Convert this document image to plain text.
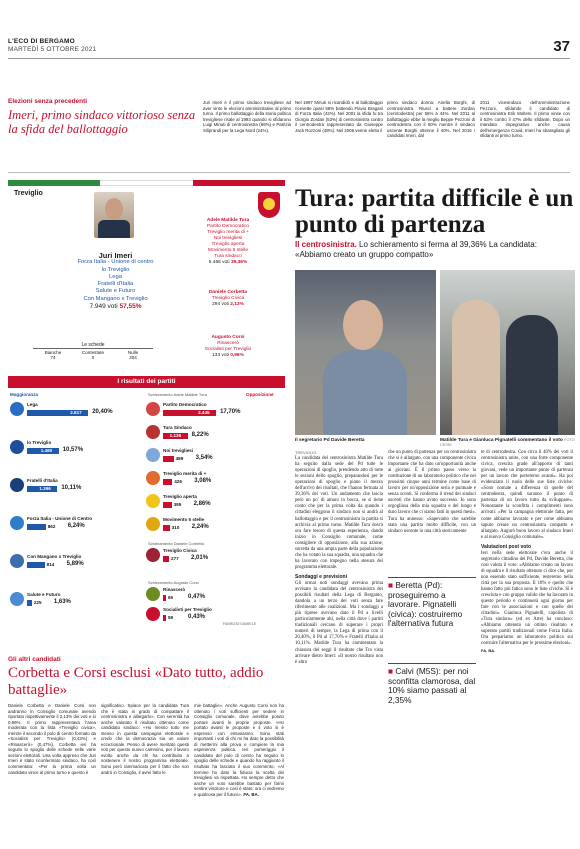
L'ECO DI BERGAMO
MARTEDÌ 5 OTTOBRE 2021	37
Elezioni senza precedenti
Imeri, primo sindaco vittorioso senza la sfida del ballottaggio
Juri Imeri è il primo sindaco trevigliese ad aver vinto le elezioni amministrative al primo turno. Il primo ballottaggio della storia politica trevigliese risale al 1993 quando si sfidarono Luigi Minuti di centrosinistra (66%) e Patrizia Siliprandi per la Lega Nord (24%).
Nel 1997 Minuti si ricandidò e al ballottaggio ricevette quasi 58% battendo Flavio Bragani di Forza Italia (42%). Nel 2001 la sfida fu tra Giorgio Zordan (53%) di centrosinistra contro il centrodestra rappresentato da Giuseppe Jack Rozzoni (48%). Nel 2006 venne eletto il
primo sindaco donna: Ariella Borghi, di centrosinistra. Riuscì a battere Zordan (centrodestra) per 56% a 44%. Nel 2011 al ballottaggio ebbe la meglio Beppe Pezzoni di centrodestra con il 60% mentre il sindaco uscente Borghi ottenne il 40%. Nel 2016 i candidati Imeri, dal
2011 vicesindaco dell'amministrazione Pezzoni, sfidando il candidato di centrosinistra Erik Molteni. Il primo vinse con il 53% contro il 47% dello sfidante. Dopo un mandato impegnativo anche causa dell'emergenza Covid, Imeri ha sbaragliato gli sfidanti al primo turno.
Treviglio
Juri Imeri
Forza Italia - Unione di centro
lo Treviglio
Lega
Fratelli d'Italia
Salute e Futuro
Con Mangano x Treviglio
7.949 voti 57,55%
Adele Matilde Tura
Partito Democratico
Treviglio merita di +
Noi trevigliesi
Treviglio aperta
Movimento 5 stelle
Tura sindaco
5.466 voti 39,36%
Daniele Corbetta
Treviglio Civica
294 voti 2,13%
Augusto Corsi
Rinascerò
Socialisti per Treviglio
133 voti 0,96%
Le schede
Bianche	Contestate	Nulle
74	0	304
I risultati dei partiti
Maggioranza	Opposizione
Schieramento Adele Matilde Tura
Schieramento Daniele Corbetta
Schieramento Augusto Corsi
FABRIZIO DAMIELE
Lega
2.817 20,40%
lo Treviglio
1.460 10,57%
Fratelli d'Italia
1.396 10,11%
Forza Italia - Unione di Centro
862 6,24%
Con Mangano x Treviglio
814 5,89%
Salute e Futuro
225 1,63%
Partito Democratico
2.445 17,70%
Tura Sindaco
1.136 8,22%
Noi trevigliesi
489 3,54%
Treviglio merita di +
426 3,08%
Treviglio aperta
395 2,86%
Movimento 5 stelle
310 2,24%
Treviglio Civica
277 2,01%
Rinascerò
65 0,47%
Socialisti per Treviglio
59 0,43%
Tura: partita difficile è un punto di partenza
Il centrosinistra. Lo schieramento si ferma al 39,36% La candidata: «Abbiamo creato un gruppo compatto»
Il segretario Pd Davide Beretta	Matilde Tura e Gianluca Pignatelli commentano il voto FOTO CESNI
TREVIGLIO
La candidata del centrosinistra Matilde Tura ha seguito dalla sede del Pd tutte le operazioni di spoglio, prendendo atto di tutte le sezioni dello spoglio, preparandosi per le operazioni di spoglio e piano il mezzo dell'arrivo dei risultati, che l'hanno fermata al 39,36% dei voti. Un andamento che lascia però un po' di amaro in bocca, se si tiene conto che per la prima volta da quando i cittadini eleggono il sindaco non si andrà al ballottaggio e per il centrosinistra la partita si archivia al primo turno. Matilde Tura dovrà ora fare tesoro di questa esperienza, dando inizio in Consiglio comunale, come consigliere di opposizione, alla sua azione, sorretta da una ampia parte della popolazione che ha votato la sua squadra, una squadra che ha lavorato con impegno nella stesura del programma elettorale.
Sondaggi e previsioni
Gli ormai noti sondaggi avevano prima avvisato la candidata del centrosinistra dei possibili risultati della Lega di Bergamo, dandola a un terzo dei voti senza fare riferimento alle coalizioni. Ma i sondaggi a più riprese avevano dato il Pd a livelli particolarmente alti, nella città dove i partiti tradizionali cercano di superare i propri numeri di sempre, la Lega di prima con il 20,40%, il Pd al 17,70% e Fratelli d'Italia al 10,11%. Matilde Tura ha commentato la chiusura dei seggi il risultato che Tra vista arrivare dietro Imeri: «Il nostro risultato non è altro
che un punto di partenza per un centrosinistra che si è allargato, con una componente civica importante che ha dato un'opportunità anche ai giovani. È il primo passo verso la costituzione di un laboratorio politico che nei prossimi cinque anni termine come base di lavoro per un'opposizione seria e puntuale e senza sconti. Si conferma il trend dei sindaci uscenti che hanno avuto successo. Io sono orgogliosa della mia squadra e del lungo e duro lavoro che ci siamo fatti in questi mesi». Tura ha annesso: «Sapevamo che sarebbe stata una partita molto difficile, con un sindaco uscente in una città storicamente
■ Beretta (Pd): proseguiremo a lavorare. Pignatelli (civica): costruiremo l'alternativa futura
■ Calvi (M5S): per noi sconfitta clamorosa, dal 10% siamo passati al 2,35%
te di centrodestra. Con circa il 40% dei voti il centrosinistra unito, con una forte componente civica, crescita grade all'apporto di tanti giovani, vede un importante punto di partenza per un lavoro che porteremo avanti». Ha poi evidenziato il ruolo delle sue liste civiche: «Sono nomate a differenza di quelle del centrodestra, quindi saranno il punto di partenza di un lavoro tutto da sviluppare». Nonostante la sconfitta i complimenti sono arrivati: «Per la campagna elettorale fatta, per come abbiamo lavorato e per come abbiamo saputo creare un centrosinistra compatto e allargato. Augurò buon lavoro al sindaco Imeri e al nuovo Consiglio comunale».
Valutazioni post voto
Ieri nella sede elettorale c'era anche il segretario cittadino del Pd, Davide Beretta, che così valuta il voto: «Abbiamo creato un lavoro di squadra e il risultato ottenuto ci dice che, pur non essendo stato sufficiente, resteremo nella città per la sua proposta. Il 18% e quello che hanno fatto più fatica sono le liste civiche. Sì è cresciuta e con gruppo valido che ha lavorato in questo periodo e continuerà ogni giorno per fare con le associazioni e con quelle dei cittadini». Gianluca Pignatelli, capolista di «Tura sindaco» (ed ex Arte) ha concluso: «Abbiamo ottenuto un ottimo risultato e superato partiti tradizionali come Forza Italia. Ora prepariamo un laboratorio politico sui costruire l'alternativa per le prossime elezioni».
FA. BA.
Gli altri candidati
Corbetta e Corsi esclusi «Dato tutto, addio battaglie»
Daniele Corbetta e Daniele Corsi non andranno in Consiglio comunale avendo riportato rispettivamente il 2,13% dei voti e lo 0,96%. Il primo rappresentava l'area moderata con la lista «Treviglio civica», mentre il secondo il polo di centro formato da «Socialisti per Treviglio» (0,43%) e «Rinascerò» (0,47%). Corbetta ieri ha seguito lo spoglio delle schede nelle varie sezioni elettorali. Una volta appreso che Juri Imeri è stato riconfermato sindaco, ha così commentato: «Per la prima volta un candidato vince al primo turno e questo è
significativo. Spiace per la candidata Tura che è stata in grado di compattare il centrosinistra e allargarlo». Con serenità ha anche valutato il risultato ottenuto come candidato sindaco: «Ho messo tutto me stesso in questa campagna elettorale e credo che la democrazia sia un valore eccezionale. Penso di avere meritato questi voti per questo nuovo cammino, per il lavoro svolto anche da chi ha contribuito a sostenere il nostro programma elettorale. Sono però rammaricato per il fatto che non andrò in Consiglio, il avrei fatto le
mie battaglie». Anche Augusto Corsi non ha ottenuto i voti sufficienti per sedere in Consiglio comunale, dove avrebbe potuto portare avanti le proprie proposte. «Ho portato avanti le proposte e il voto si è espresso con entusiasmo. Sono stati importanti i voti di chi mi ha dato la possibilità di mettermi alla prova e compiere la mia esperienza politica. Ieri pomeriggio il candidato del polo di centro ha seguito lo spoglio delle schede e quando ha raggiunto il risultato ha lasciato il suo commento: «Al termine ho dato la fiducia la scelta dei trevigliesi va rispettata. Ho sempre detto che anche un voto sarebbe bastato per farmi sentire vincitore e così è stato: ora ci vedremo e qualcosa per il futuro». FA. BA.
